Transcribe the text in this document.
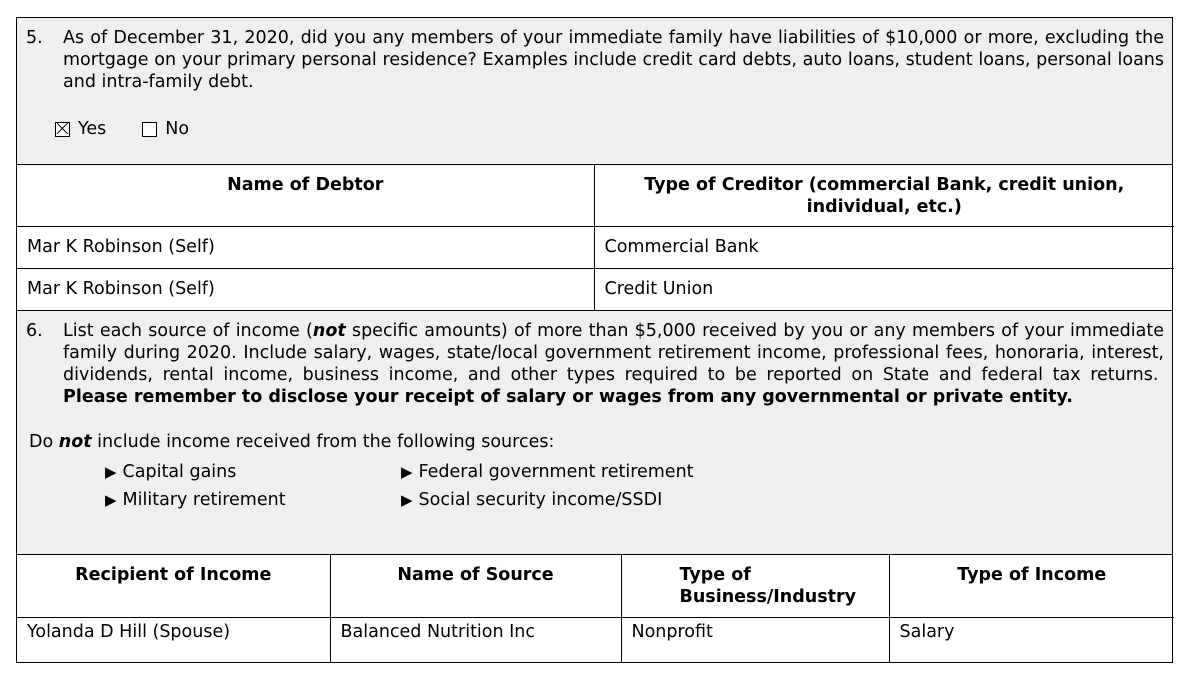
5. As of December 31, 2020, did you any members of your immediate family have liabilities of $10,000 or more, excluding the mortgage on your primary personal residence? Examples include credit card debts, auto loans, student loans, personal loans and intra-family debt.
Yes	No
Name of Debtor	Type of Creditor (commercial Bank, credit union, individual, etc.)
Mar K Robinson (Self)	Commercial Bank
Mar K Robinson (Self)	Credit Union
6. List each source of income (not specific amounts) of more than $5,000 received by you or any members of your immediate family during 2020. Include salary, wages, state/local government retirement income, professional fees, honoraria, interest, dividends, rental income, business income, and other types required to be reported on State and federal tax returns.  Please remember to disclose your receipt of salary or wages from any governmental or private entity.
Do not include income received from the following sources:
▶ Capital gains	▶ Federal government retirement
▶ Military retirement	▶ Social security income/SSDI
Recipient of Income	Name of Source	Type of Business/Industry	Type of Income
Yolanda D Hill (Spouse)	Balanced Nutrition Inc	Nonprofit	Salary
